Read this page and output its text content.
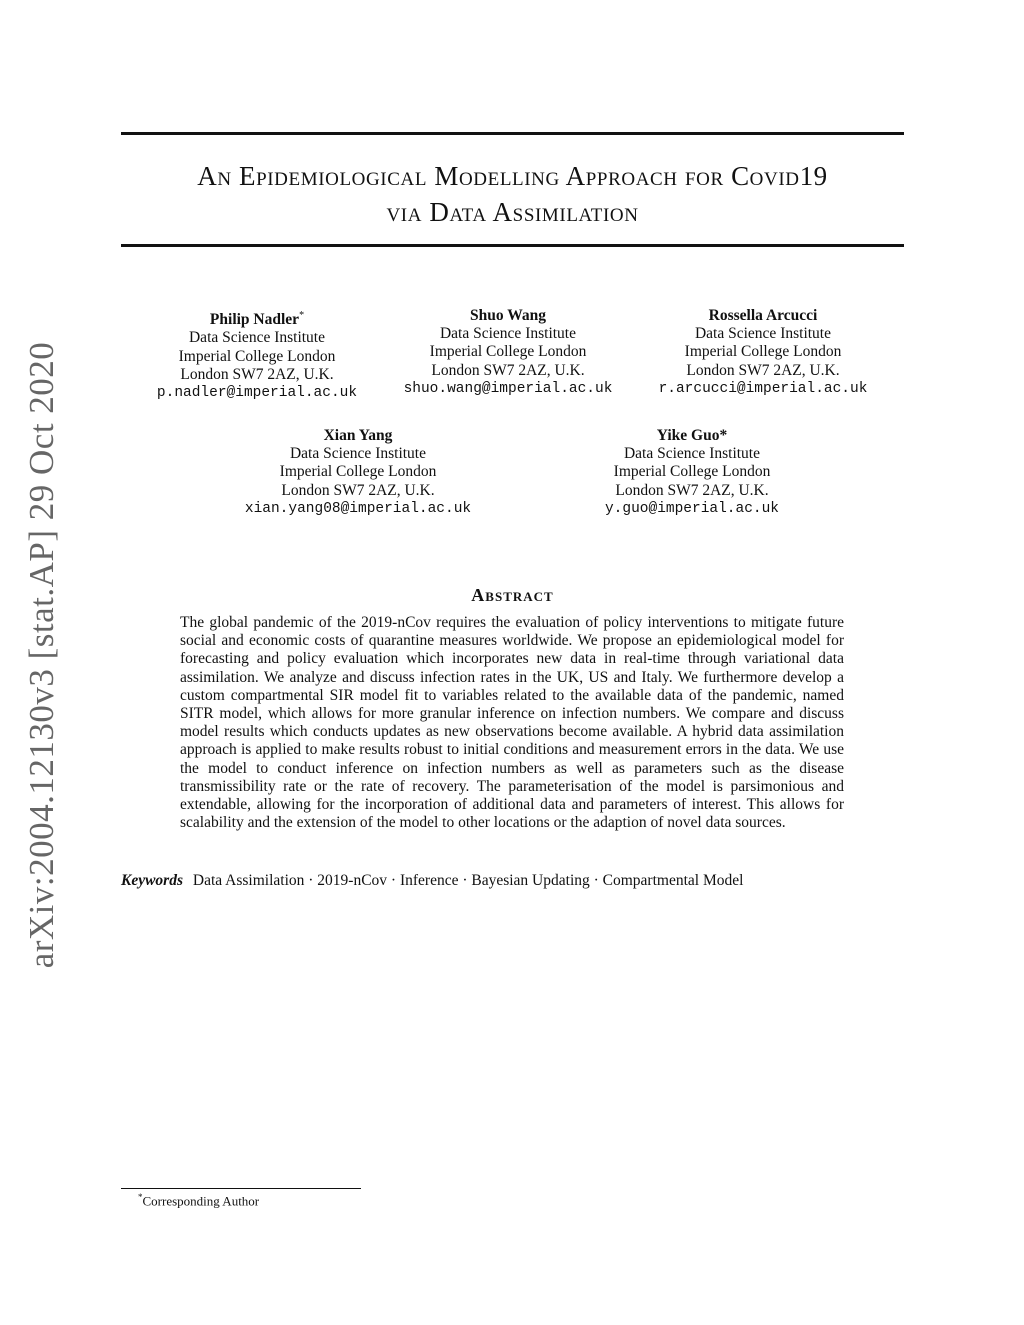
arXiv:2004.12130v3 [stat.AP] 29 Oct 2020
An Epidemiological Modelling Approach for Covid19
via Data Assimilation
Philip Nadler*
Data Science Institute
Imperial College London
London SW7 2AZ, U.K.
p.nadler@imperial.ac.uk
Shuo Wang
Data Science Institute
Imperial College London
London SW7 2AZ, U.K.
shuo.wang@imperial.ac.uk
Rossella Arcucci
Data Science Institute
Imperial College London
London SW7 2AZ, U.K.
r.arcucci@imperial.ac.uk
Xian Yang
Data Science Institute
Imperial College London
London SW7 2AZ, U.K.
xian.yang08@imperial.ac.uk
Yike Guo*
Data Science Institute
Imperial College London
London SW7 2AZ, U.K.
y.guo@imperial.ac.uk
Abstract
The global pandemic of the 2019-nCov requires the evaluation of policy interventions to mitigate future social and economic costs of quarantine measures worldwide. We propose an epidemiological model for forecasting and policy evaluation which incorporates new data in real-time through variational data assimilation. We analyze and discuss infection rates in the UK, US and Italy. We furthermore develop a custom compartmental SIR model fit to variables related to the available data of the pandemic, named SITR model, which allows for more granular inference on infection numbers. We compare and discuss model results which conducts updates as new observations become available. A hybrid data assimilation approach is applied to make results robust to initial conditions and measurement errors in the data. We use the model to conduct inference on infection numbers as well as parameters such as the disease transmissibility rate or the rate of recovery. The parameterisation of the model is parsimonious and extendable, allowing for the incorporation of additional data and parameters of interest. This allows for scalability and the extension of the model to other locations or the adaption of novel data sources.
Keywords Data Assimilation · 2019-nCov · Inference · Bayesian Updating · Compartmental Model
*Corresponding Author
